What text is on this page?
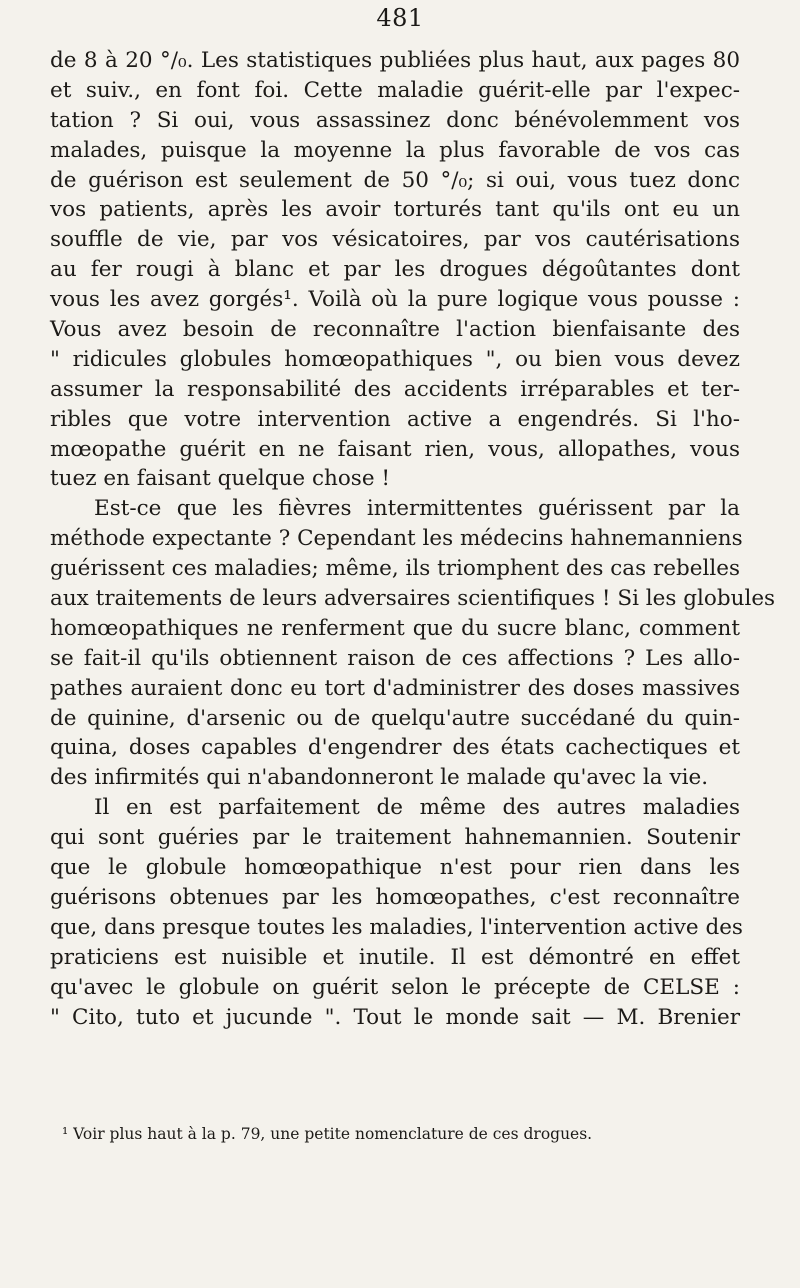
481
de 8 à 20 °/₀. Les statistiques publiées plus haut, aux pages 80
et suiv., en font foi. Cette maladie guérit-elle par l'expec-
tation ? Si oui, vous assassinez donc bénévolemment vos
malades, puisque la moyenne la plus favorable de vos cas
de guérison est seulement de 50 °/₀; si oui, vous tuez donc
vos patients, après les avoir torturés tant qu'ils ont eu un
souffle de vie, par vos vésicatoires, par vos cautérisations
au fer rougi à blanc et par les drogues dégoûtantes dont
vous les avez gorgés¹. Voilà où la pure logique vous pousse :
Vous avez besoin de reconnaître l'action bienfaisante des
" ridicules globules homœopathiques ", ou bien vous devez
assumer la responsabilité des accidents irréparables et ter-
ribles que votre intervention active a engendrés. Si l'ho-
mœopathe guérit en ne faisant rien, vous, allopathes, vous
tuez en faisant quelque chose !
Est-ce que les fièvres intermittentes guérissent par la
méthode expectante ? Cependant les médecins hahnemanniens
guérissent ces maladies; même, ils triomphent des cas rebelles
aux traitements de leurs adversaires scientifiques ! Si les globules
homœopathiques ne renferment que du sucre blanc, comment
se fait-il qu'ils obtiennent raison de ces affections ? Les allo-
pathes auraient donc eu tort d'administrer des doses massives
de quinine, d'arsenic ou de quelqu'autre succédané du quin-
quina, doses capables d'engendrer des états cachectiques et
des infirmités qui n'abandonneront le malade qu'avec la vie.
Il en est parfaitement de même des autres maladies
qui sont guéries par le traitement hahnemannien. Soutenir
que le globule homœopathique n'est pour rien dans les
guérisons obtenues par les homœopathes, c'est reconnaître
que, dans presque toutes les maladies, l'intervention active des
praticiens est nuisible et inutile. Il est démontré en effet
qu'avec le globule on guérit selon le précepte de CELSE :
" Cito, tuto et jucunde ". Tout le monde sait — M. Brenier
¹ Voir plus haut à la p. 79, une petite nomenclature de ces drogues.
